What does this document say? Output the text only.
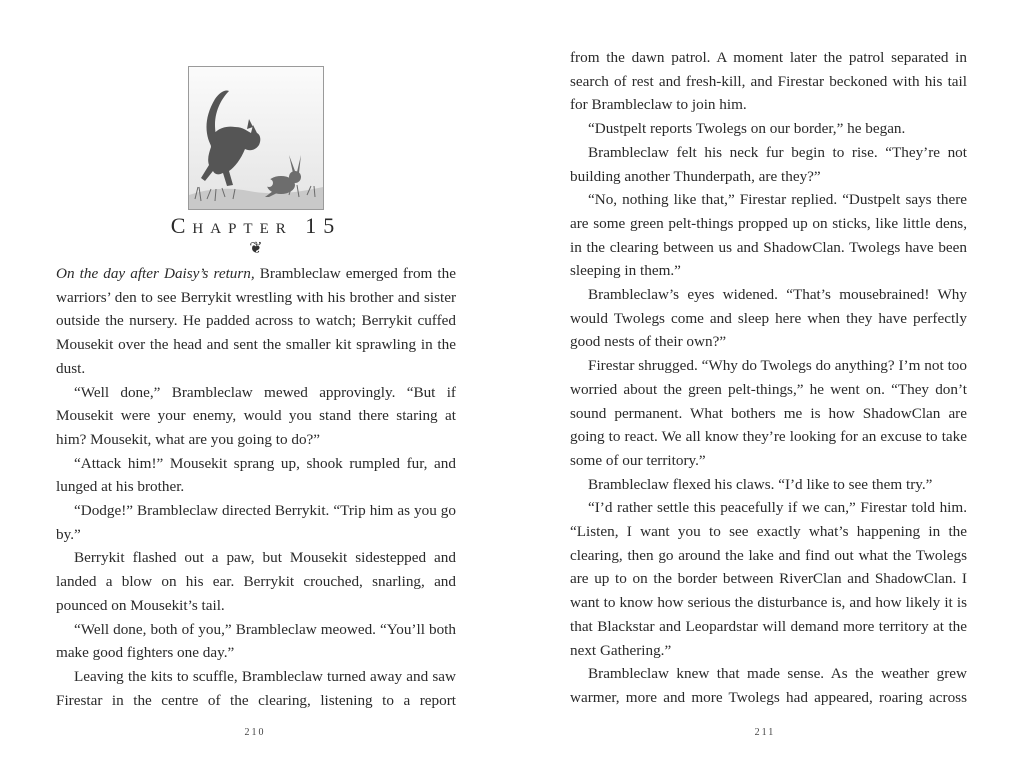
Chapter 15
❦

On the day after Daisy’s return, Brambleclaw emerged from the warriors’ den to see Berrykit wrestling with his brother and sister outside the nursery. He padded across to watch; Berrykit cuffed Mousekit over the head and sent the smaller kit sprawling in the dust.

“Well done,” Brambleclaw mewed approvingly. “But if Mousekit were your enemy, would you stand there staring at him? Mousekit, what are you going to do?”

“Attack him!” Mousekit sprang up, shook rumpled fur, and lunged at his brother.

“Dodge!” Brambleclaw directed Berrykit. “Trip him as you go by.”

Berrykit flashed out a paw, but Mousekit sidestepped and landed a blow on his ear. Berrykit crouched, snarling, and pounced on Mousekit’s tail.

“Well done, both of you,” Brambleclaw meowed. “You’ll both make good fighters one day.”

Leaving the kits to scuffle, Brambleclaw turned away and saw Firestar in the centre of the clearing, listening to a report

210

from the dawn patrol. A moment later the patrol separated in search of rest and fresh-kill, and Firestar beckoned with his tail for Brambleclaw to join him.

“Dustpelt reports Twolegs on our border,” he began.

Brambleclaw felt his neck fur begin to rise. “They’re not building another Thunderpath, are they?”

“No, nothing like that,” Firestar replied. “Dustpelt says there are some green pelt-things propped up on sticks, like little dens, in the clearing between us and ShadowClan. Twolegs have been sleeping in them.”

Brambleclaw’s eyes widened. “That’s mousebrained! Why would Twolegs come and sleep here when they have perfectly good nests of their own?”

Firestar shrugged. “Why do Twolegs do anything? I’m not too worried about the green pelt-things,” he went on. “They don’t sound permanent. What bothers me is how ShadowClan are going to react. We all know they’re looking for an excuse to take some of our territory.”

Brambleclaw flexed his claws. “I’d like to see them try.”

“I’d rather settle this peacefully if we can,” Firestar told him. “Listen, I want you to see exactly what’s happening in the clearing, then go around the lake and find out what the Twolegs are up to on the border between RiverClan and ShadowClan. I want to know how serious the disturbance is, and how likely it is that Blackstar and Leopardstar will demand more territory at the next Gathering.”

Brambleclaw knew that made sense. As the weather grew warmer, more and more Twolegs had appeared, roaring across

211
